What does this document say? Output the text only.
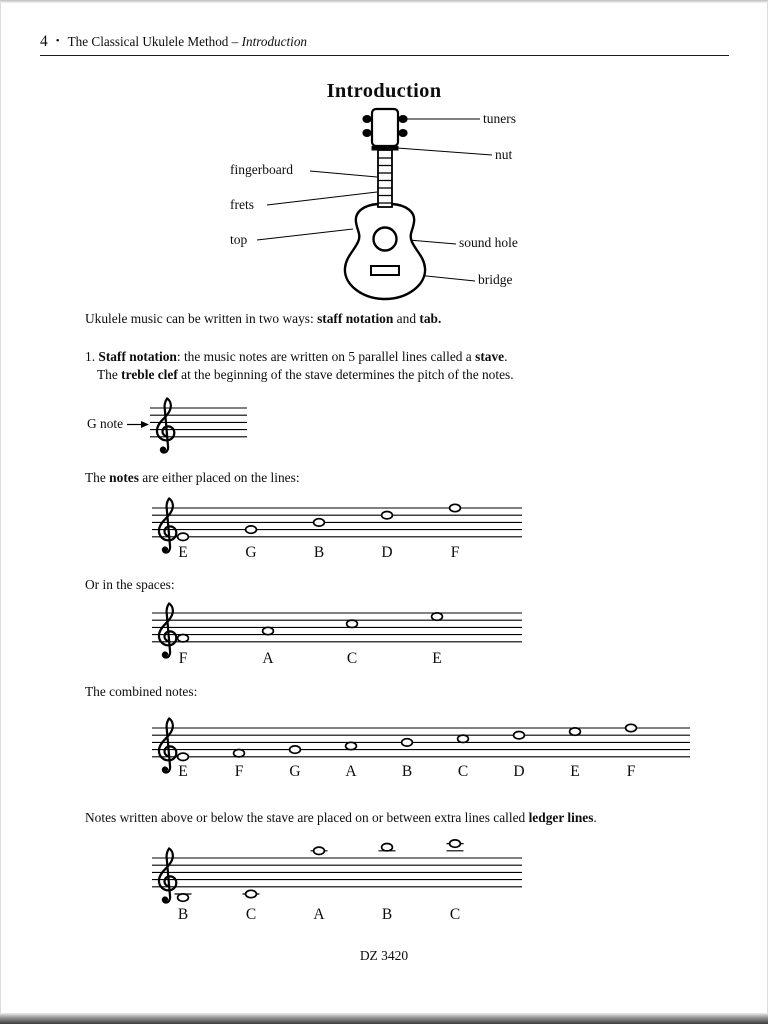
4 • The Classical Ukulele Method – Introduction
Introduction
tuners
nut
fingerboard
frets
top	sound hole
bridge
Ukulele music can be written in two ways: staff notation and tab.
1. Staff notation: the music notes are written on 5 parallel lines called a stave.
The treble clef at the beginning of the stave determines the pitch of the notes.
G note
The notes are either placed on the lines:
E	G	B	D	F
Or in the spaces:
F	A	C	E
The combined notes:
E	F	G	A	B	C	D	E	F
Notes written above or below the stave are placed on or between extra lines called ledger lines.
B	C	A	B	C
DZ 3420
